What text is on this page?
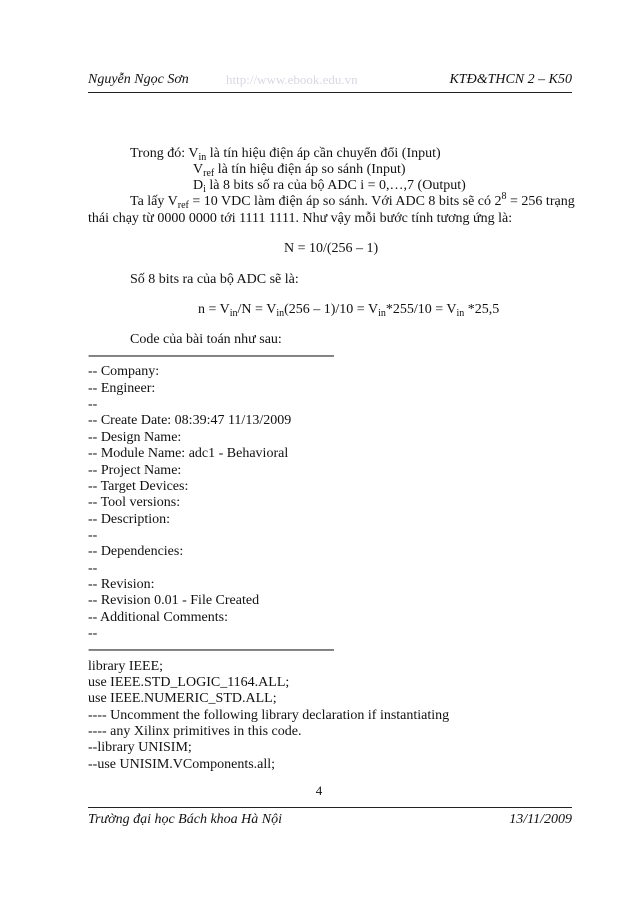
Nguyễn Ngọc Sơn	http://www.ebook.edu.vn	KTĐ&THCN 2 – K50
Trong đó: $V_{in}$ là tín hiệu điện áp cần chuyển đổi (Input)
$V_{ref}$ là tín hiệu điện áp so sánh (Input)
$D_i$ là 8 bits số ra của bộ ADC i = 0,…,7 (Output)
Ta lấy $V_{ref} = 10$ VDC làm điện áp so sánh. Với ADC 8 bits sẽ có $2^8 = 256$ trạng
thái chạy từ 0000 0000 tới 1111 1111. Như vậy mỗi bước tính tương ứng là:
N = 10/(256 – 1)
Số 8 bits ra của bộ ADC sẽ là:
$n = V_{in}/N = V_{in}(256 - 1)/10 = V_{in}*255/10 = V_{in}$ *25,5
Code của bài toán như sau:
--------------------------------------------------------------------------------
-- Company:
-- Engineer:
--
-- Create Date: 08:39:47 11/13/2009
-- Design Name:
-- Module Name: adc1 - Behavioral
-- Project Name:
-- Target Devices:
-- Tool versions:
-- Description:
--
-- Dependencies:
--
-- Revision:
-- Revision 0.01 - File Created
-- Additional Comments:
--
--------------------------------------------------------------------------------
library IEEE;
use IEEE.STD_LOGIC_1164.ALL;
use IEEE.NUMERIC_STD.ALL;
---- Uncomment the following library declaration if instantiating
---- any Xilinx primitives in this code.
--library UNISIM;
--use UNISIM.VComponents.all;
4
Trường đại học Bách khoa Hà Nội	13/11/2009
